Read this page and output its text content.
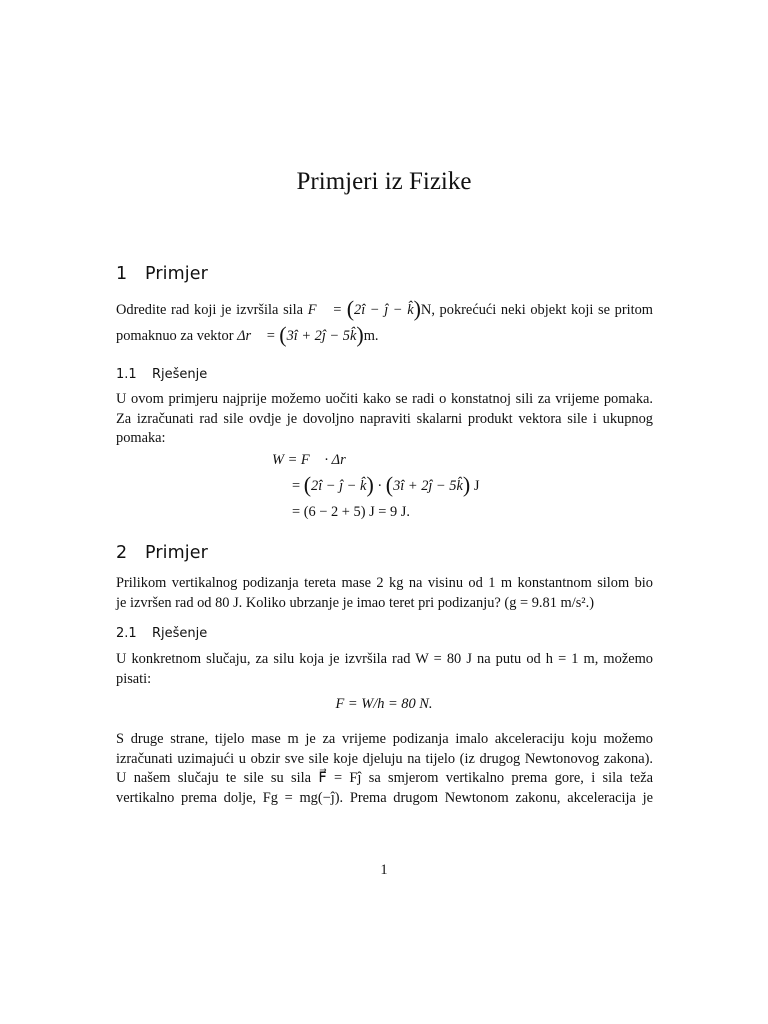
Primjeri iz Fizike
1 Primjer
Odredite rad koji je izvršila sila F⃗ = (2î − ĵ − k̂)N, pokrećući neki objekt koji se pritom
pomaknuo za vektor Δr⃗ = (3î + 2ĵ − 5k̂)m.
1.1 Rješenje
U ovom primjeru najprije možemo uočiti kako se radi o konstatnoj sili za vrijeme pomaka.
Za izračunati rad sile ovdje je dovoljno napraviti skalarni produkt vektora sile i ukupnog
pomaka:
W = F⃗ · Δr⃗
= (2î − ĵ − k̂) · (3î + 2ĵ − 5k̂) J
= (6 − 2 + 5) J = 9 J.
2 Primjer
Prilikom vertikalnog podizanja tereta mase 2 kg na visinu od 1 m konstantnom silom bio
je izvršen rad od 80 J. Koliko ubrzanje je imao teret pri podizanju? (g = 9.81 m/s².)
2.1 Rješenje
U konkretnom slučaju, za silu koja je izvršila rad W = 80 J na putu od h = 1 m, možemo
pisati:
F = W/h = 80 N.
S druge strane, tijelo mase m je za vrijeme podizanja imalo akceleraciju koju možemo
izračunati uzimajući u obzir sve sile koje djeluju na tijelo (iz drugog Newtonovog zakona).
U našem slučaju te sile su sila F⃗ = Fĵ sa smjerom vertikalno prema gore, i sila teža
vertikalno prema dolje, Fg = mg(−ĵ). Prema drugom Newtonom zakonu, akceleracija je
1
